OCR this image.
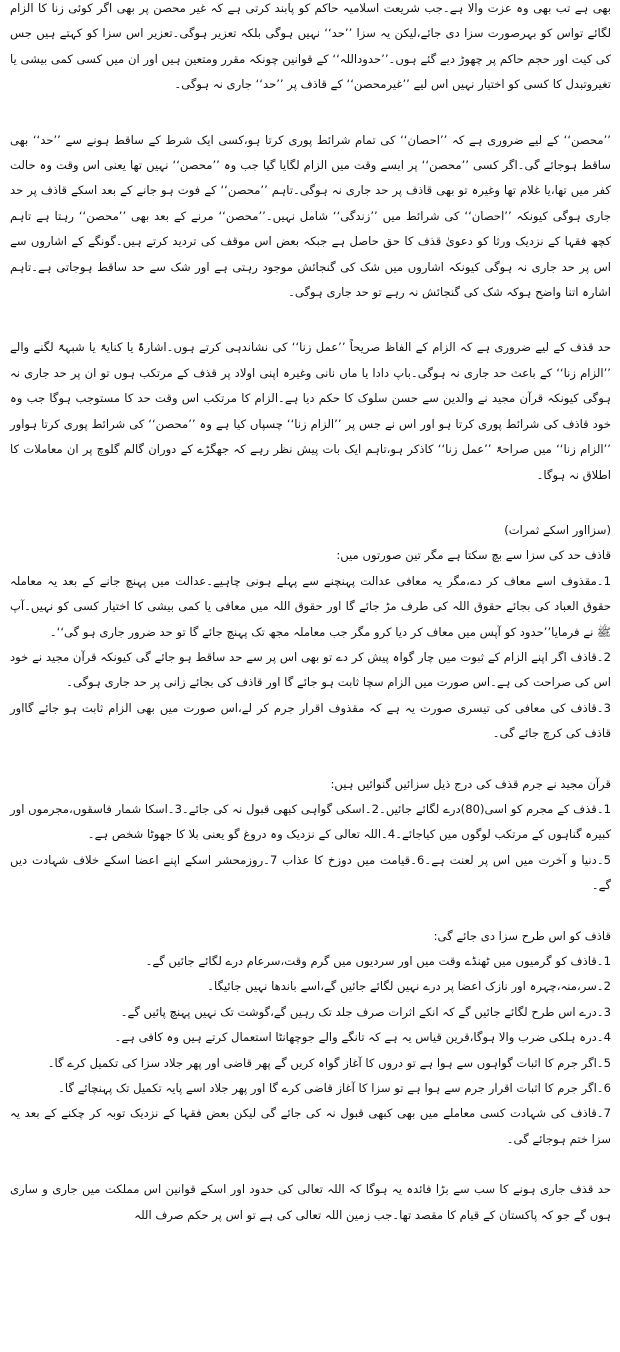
بھی ہے تب بھی وہ عزت والا ہے۔جب شریعت اسلامیہ حاکم کو پابند کرتی ہے کہ غیر محصن پر بھی اگر کوئی زنا کا الزام لگائے تواس کو بہرصورت سزا دی جائے،لیکن یہ سزا ’’حد‘‘ نہیں ہوگی بلکہ تعزیر ہوگی۔تعزیر اس سزا کو کہتے ہیں جس کی کیت اور حجم حاکم پر چھوڑ دیے گئے ہوں۔’’حدوداللہ‘‘ کے قوانین چونکہ مقرر ومتعین ہیں اور ان میں کسی کمی بیشی یا تغیروتبدل کا کسی کو اختیار نہیں اس لیے ’’غیرمحصن‘‘ کے قاذف پر ’’حد‘‘ جاری نہ ہوگی۔

’’محصن‘‘ کے لیے ضروری ہے کہ ’’احصان‘‘ کی تمام شرائط پوری کرتا ہو،کسی ایک شرط کے ساقط ہونے سے ’’حد‘‘ بھی ساقط ہوجائے گی۔اگر کسی ’’محصن‘‘ پر ایسے وقت میں الزام لگایا گیا جب وہ ’’محصن‘‘ نہیں تھا یعنی اس وقت وہ حالت کفر میں تھا،یا غلام تھا وغیرہ تو بھی قاذف پر حد جاری نہ ہوگی۔تاہم ’’محصن‘‘ کے فوت ہو جانے کے بعد اسکے قاذف پر حد جاری ہوگی کیونکہ ’’احصان‘‘ کی شرائط میں ’’زندگی‘‘ شامل نہیں۔’’محصن‘‘ مرنے کے بعد بھی ’’محصن‘‘ رہتا ہے تاہم کچھ فقہا کے نزدیک ورثا کو دعویٰ قذف کا حق حاصل ہے جبکہ بعض اس موقف کی تردید کرتے ہیں۔گونگے کے اشاروں سے اس پر حد جاری نہ ہوگی کیونکہ اشاروں میں شک کی گنجائش موجود رہتی ہے اور شک سے حد ساقط ہوجاتی ہے۔تاہم اشارہ اتنا واضح ہوکہ شک کی گنجائش نہ رہے تو حد جاری ہوگی۔

حد قذف کے لیے ضروری ہے کہ الزام کے الفاظ صریحاً ’’عمل زنا‘‘ کی نشاندہی کرتے ہوں۔اشارۃً یا کنایۃً یا شبہۃً لگنے والے ’’الزام زنا‘‘ کے باعث حد جاری نہ ہوگی۔باپ دادا یا ماں نانی وغیرہ اپنی اولاد پر قذف کے مرتکب ہوں تو ان پر حد جاری نہ ہوگی کیونکہ قرآن مجید نے والدین سے حسن سلوک کا حکم دیا ہے۔الزام کا مرتکب اس وقت حد کا مستوجب ہوگا جب وہ خود قاذف کی شرائط پوری کرتا ہو اور اس نے جس پر ’’الزام زنا‘‘ چسپاں کیا ہے وہ ’’محصن‘‘ کی شرائط پوری کرتا ہواور ’’الزام زنا‘‘ میں صراحۃً ’’عمل زنا‘‘ کاذکر ہو،تاہم ایک بات پیش نظر رہے کہ جھگڑے کے دوران گالم گلوچ پر ان معاملات کا اطلاق نہ ہوگا۔

(سزااور اسکے ثمرات)

قاذف حد کی سزا سے بچ سکتا ہے مگر تین صورتوں میں:

1۔مقذوف اسے معاف کر دے،مگر یہ معافی عدالت پہنچنے سے پہلے ہونی چاہیے۔عدالت میں پہنچ جانے کے بعد یہ معاملہ حقوق العباد کی بجائے حقوق اللہ کی طرف مڑ جائے گا اور حقوق اللہ میں معافی یا کمی بیشی کا اختیار کسی کو نہیں۔آپ ﷺ نے فرمایا’’حدود کو آپس میں معاف کر دیا کرو مگر جب معاملہ مجھ تک پہنچ جائے گا تو حد ضرور جاری ہو گی‘‘۔
2۔قاذف اگر اپنے الزام کے ثبوت میں چار گواہ پیش کر دے تو بھی اس پر سے حد ساقط ہو جائے گی کیونکہ قرآن مجید نے خود اس کی صراحت کی ہے۔اس صورت میں الزام سچا ثابت ہو جائے گا اور قاذف کی بجائے زانی پر حد جاری ہوگی۔
3۔قاذف کی معافی کی تیسری صورت یہ ہے کہ مقذوف اقرار جرم کر لے،اس صورت میں بھی الزام ثابت ہو جائے گااور قاذف کی کرچ جائے گی۔

قرآن مجید نے جرم قذف کی درج ذیل سزائیں گنوائیں ہیں:

1۔قذف کے مجرم کو اسی(80)درے لگائے جائیں۔2۔اسکی گواہی کبھی قبول نہ کی جائے۔3۔اسکا شمار فاسقوں،مجرموں اور کبیرہ گناہوں کے مرتکب لوگوں میں کیاجائے۔4۔اللہ تعالی کے نزدیک وہ دروغ گو یعنی بلا کا جھوٹا شخص ہے۔
5۔دنیا و آخرت میں اس پر لعنت ہے۔6۔قیامت میں دوزخ کا عذاب 7۔روزمحشر اسکے اپنے اعضا اسکے خلاف شہادت دیں گے۔

قاذف کو اس طرح سزا دی جائے گی:

1۔قاذف کو گرمیوں میں ٹھنڈے وقت میں اور سردیوں میں گرم وقت،سرعام درے لگائے جائیں گے۔
2۔سر،منہ،چہرہ اور نازک اعضا پر درے نہیں لگائے جائیں گے،اسے باندھا نہیں جائیگا۔
3۔درے اس طرح لگائے جائیں گے کہ انکے اثرات صرف جلد تک رہیں گے،گوشت تک نہیں پہنچ پائیں گے۔
4۔درہ ہلکی ضرب والا ہوگا،قرین قیاس یہ ہے کہ تانگے والے جوچھانٹا استعمال کرتے ہیں وہ کافی ہے۔
5۔اگر جرم کا اثبات گواہوں سے ہوا ہے تو دروں کا آغاز گواہ کریں گے پھر قاضی اور پھر جلاد سزا کی تکمیل کرے گا۔
6۔اگر جرم کا اثبات اقرار جرم سے ہوا ہے تو سزا کا آغاز قاضی کرے گا اور پھر جلاد اسے پایہ تکمیل تک پہنچائے گا۔
7۔قاذف کی شہادت کسی معاملے میں بھی کبھی قبول نہ کی جائے گی لیکن بعض فقہا کے نزدیک توبہ کر چکنے کے بعد یہ سزا ختم ہوجائے گی۔

حد قذف جاری ہونے کا سب سے بڑا فائدہ یہ ہوگا کہ اللہ تعالی کی حدود اور اسکے قوانین اس مملکت میں جاری و ساری ہوں گے جو کہ پاکستان کے قیام کا مقصد تھا۔جب زمین اللہ تعالی کی ہے تو اس پر حکم صرف اللہ
